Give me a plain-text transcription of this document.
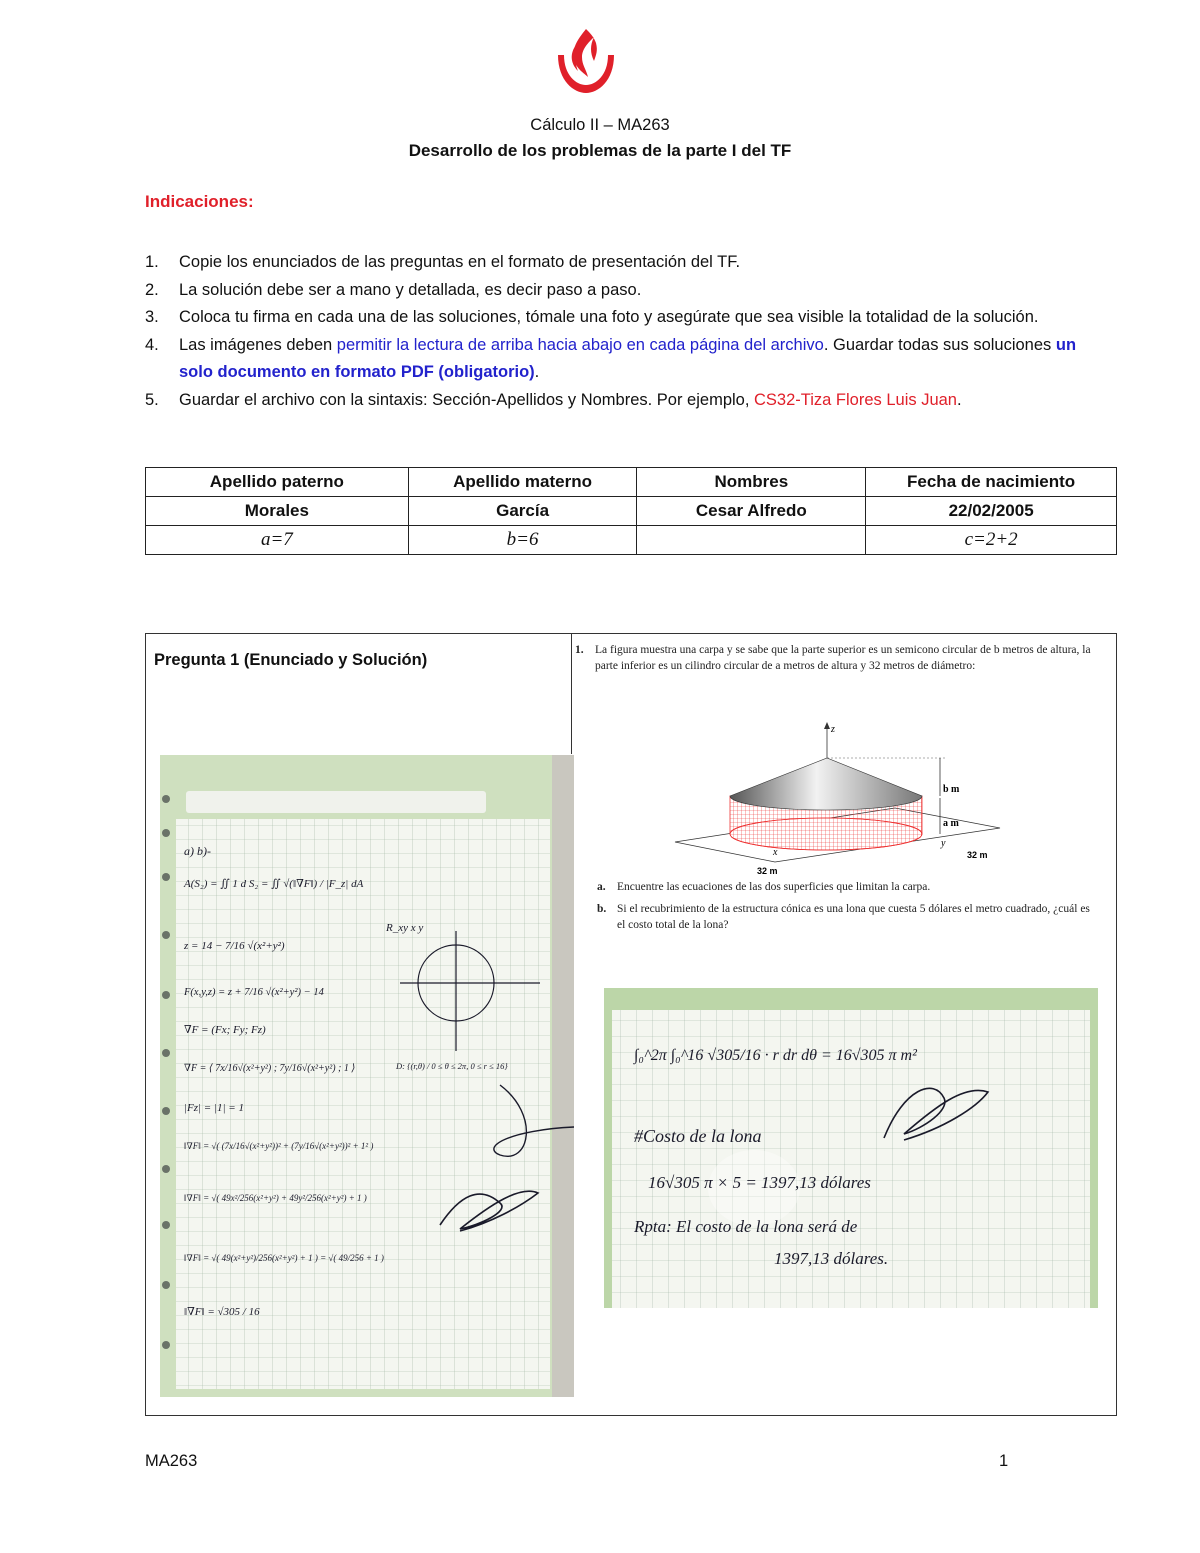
Cálculo II – MA263
Desarrollo de los problemas de la parte I del TF
Indicaciones:
1. Copie los enunciados de las preguntas en el formato de presentación del TF.
2. La solución debe ser a mano y detallada, es decir paso a paso.
3. Coloca tu firma en cada una de las soluciones, tómale una foto y asegúrate que sea visible la totalidad de la solución.
4. Las imágenes deben permitir la lectura de arriba hacia abajo en cada página del archivo. Guardar todas sus soluciones un solo documento en formato PDF (obligatorio).
5. Guardar el archivo con la sintaxis: Sección-Apellidos y Nombres. Por ejemplo, CS32-Tiza Flores Luis Juan.
Apellido paterno	Apellido materno	Nombres	Fecha de nacimiento
Morales	García	Cesar Alfredo	22/02/2005
a=7	b=6		c=2+2
Pregunta 1 (Enunciado y Solución)
1. La figura muestra una carpa y se sabe que la parte superior es un semicono circular de b metros de altura, la parte inferior es un cilindro circular de a metros de altura y 32 metros de diámetro:
z
b m
a m
y
x
32 m
32 m
a. Encuentre las ecuaciones de las dos superficies que limitan la carpa.
b. Si el recubrimiento de la estructura cónica es una lona que cuesta 5 dólares el metro cuadrado, ¿cuál es el costo total de la lona?
a) b)-
A(S₂) = ∬ 1 d S₂ = ∬ √(‖∇F‖) / |F_z| dA
R_xy x y
z = 14 − 7/16 √(x²+y²)
F(x,y,z) = z + 7/16 √(x²+y²) − 14
∇F = (Fx; Fy; Fz)
∇F = ⟨ 7x/16√(x²+y²) ; 7y/16√(x²+y²) ; 1 ⟩	D: {(r,θ) / 0 ≤ θ ≤ 2π, 0 ≤ r ≤ 16}
|Fz| = |1| = 1
‖∇F‖ = √( (7x/16√(x²+y²))² + (7y/16√(x²+y²))² + 1² )
‖∇F‖ = √( 49x²/256(x²+y²) + 49y²/256(x²+y²) + 1 )
‖∇F‖ = √( 49(x²+y²)/256(x²+y²) + 1 ) = √( 49/256 + 1 )
‖∇F‖ = √305 / 16
∫₀^2π ∫₀^16 √305/16 · r dr dθ = 16√305 π m²
#Costo de la lona
16√305 π × 5 = 1397,13 dólares
Rpta: El costo de la lona será de
1397,13 dólares.
MA263	1
